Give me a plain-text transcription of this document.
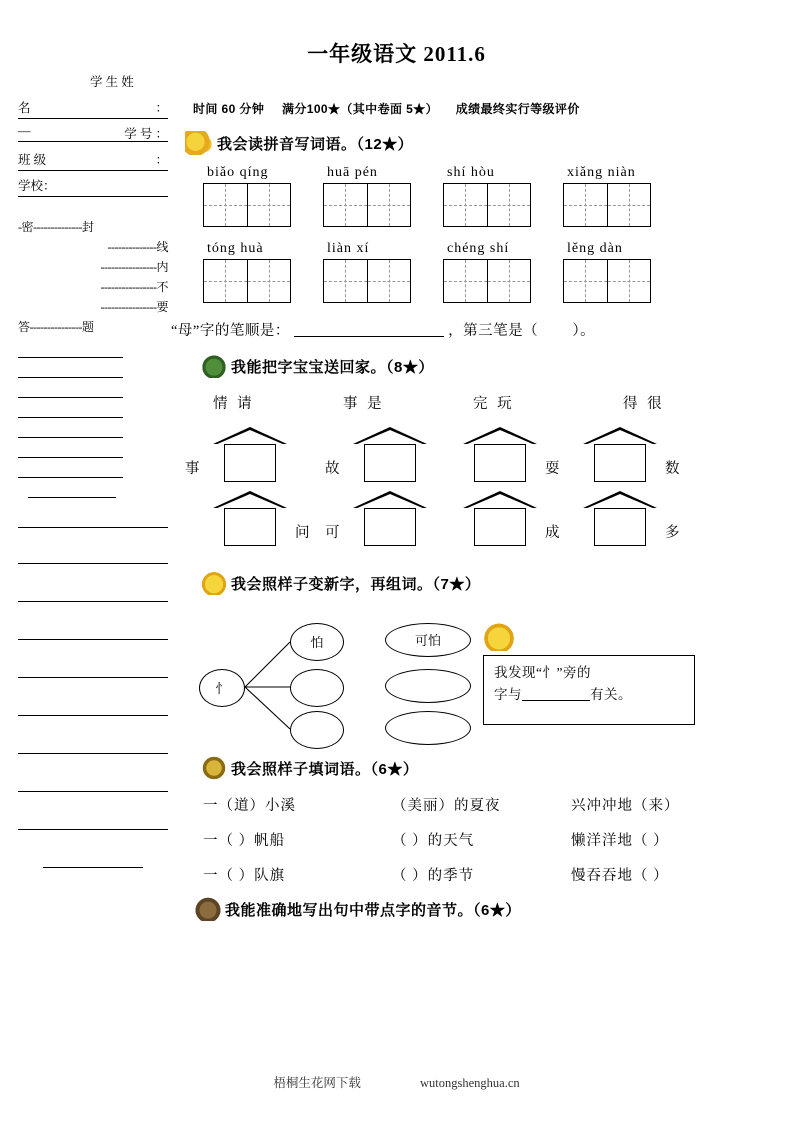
一年级语文 2011.6
学 生 姓
名	：
—	学 号 ：
班 级	：
学校：
-密--------------封
--------------线
----------------内
----------------不
----------------要
答---------------题
时间 60 分钟 满分100★（其中卷面 5★） 成绩最终实行等级评价
我会读拼音写词语。（12★）
biǎo qíng	huā pén	shí hòu	xiǎng niàn
tóng huà	liàn xí	chéng shí	lěng dàn
“母”字的笔顺是：	，第三笔是（ ）。
我能把字宝宝送回家。（8★）
情 请	事 是	完 玩	得 很
事	故	耍	数
问 可	成	多
我会照样子变新字，再组词。（7★）
忄
怕	可怕
我发现“忄”旁的
字与	有关。
我会照样子填词语。（6★）
一（道）小溪	（美丽）的夏夜	兴冲冲地（来）
一（ ）帆船	（ ）的天气	懒洋洋地（ ）
一（ ）队旗	（ ）的季节	慢吞吞地（ ）
我能准确地写出句中带点字的音节。（6★）
梧桐生花网下载	wutongshenghua.cn
